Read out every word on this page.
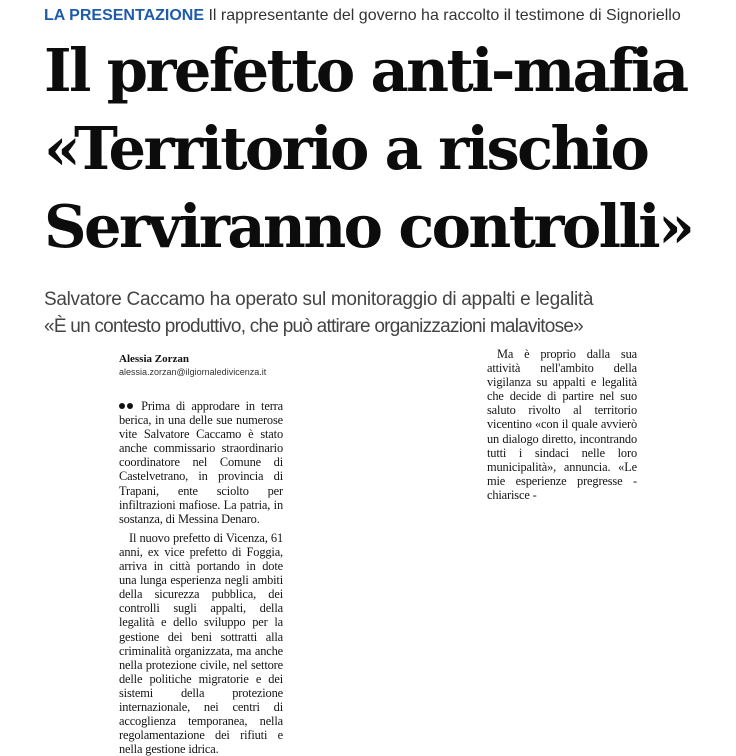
LA PRESENTAZIONE Il rappresentante del governo ha raccolto il testimone di Signoriello
Il prefetto anti-mafia
«Territorio a rischio
Serviranno controlli»
Salvatore Caccamo ha operato sul monitoraggio di appalti e legalità
«È un contesto produttivo, che può attirare organizzazioni malavitose»
Alessia Zorzan
alessia.zorzan@ilgiornaledivicenza.it

Prima di approdare in terra berica, in una delle sue numerose vite Salvatore Caccamo è stato anche commissario straordinario coordinatore nel Comune di Castelvetrano, in provincia di Trapani, ente sciolto per infiltrazioni mafiose. La patria, in sostanza, di Messina Denaro.

Il nuovo prefetto di Vicenza, 61 anni, ex vice prefetto di Foggia, arriva in città portando in dote una lunga esperienza negli ambiti della sicurezza pubblica, dei controlli sugli appalti, della legalità e dello sviluppo per la gestione dei beni sottratti alla criminalità organizzata, ma anche nella protezione civile, nel settore delle politiche migratorie e dei sistemi della protezione internazionale, nei centri di accoglienza temporanea, nella regolamentazione dei rifiuti e nella gestione idrica.

Ma è proprio dalla sua attività nell'ambito della vigilanza su appalti e legalità che decide di partire nel suo saluto rivolto al territorio vicentino «con il quale avvierò un dialogo diretto, incontrando tutti i sindaci nelle loro municipalità», annuncia. «Le mie esperienze pregresse - chiarisce -
